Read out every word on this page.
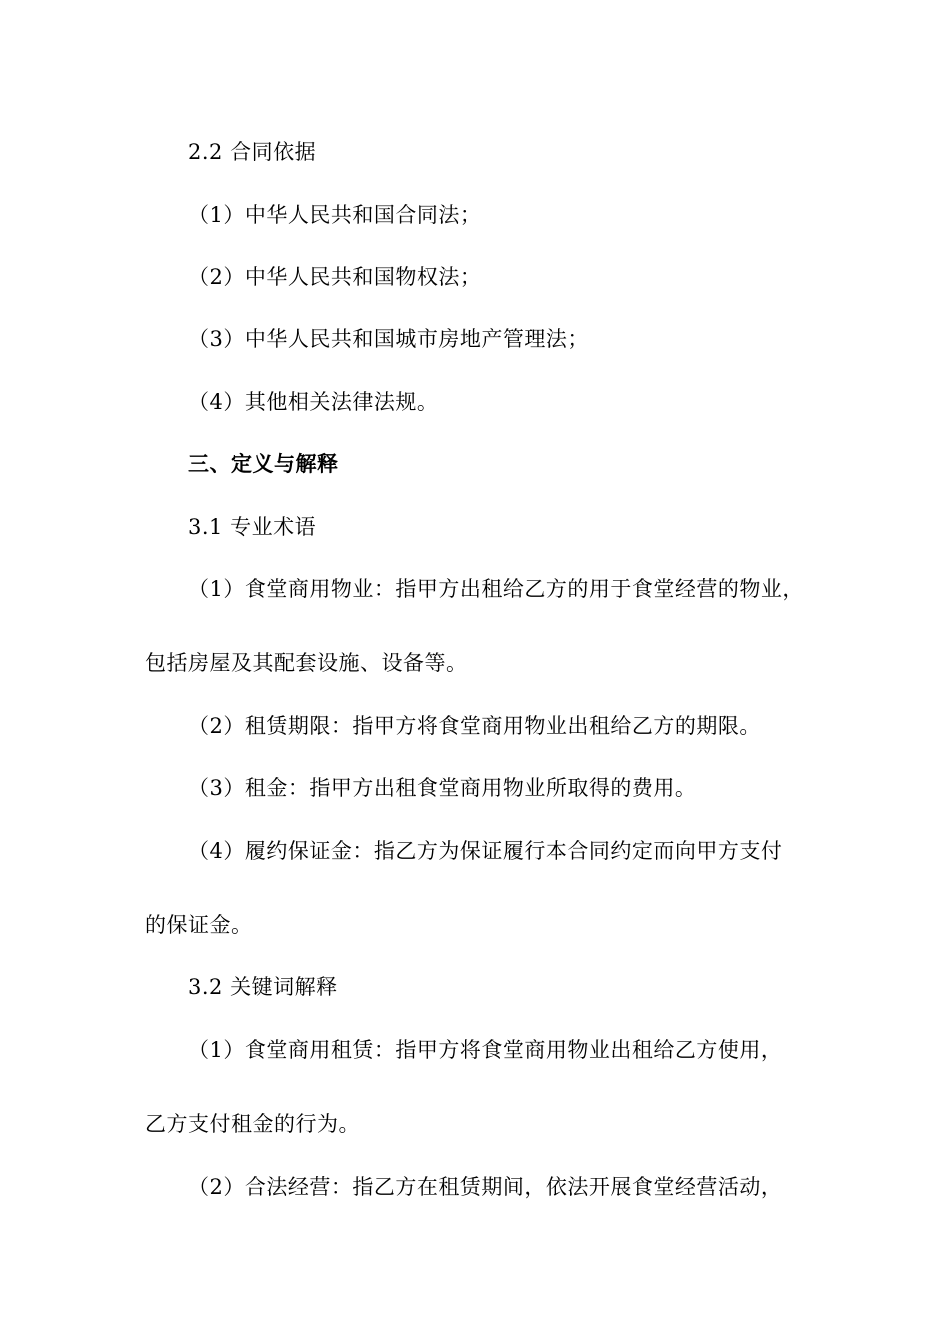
2.2 合同依据
（1）中华人民共和国合同法；
（2）中华人民共和国物权法；
（3）中华人民共和国城市房地产管理法；
（4）其他相关法律法规。
三、定义与解释
3.1 专业术语
（1）食堂商用物业：指甲方出租给乙方的用于食堂经营的物业，
包括房屋及其配套设施、设备等。
（2）租赁期限：指甲方将食堂商用物业出租给乙方的期限。
（3）租金：指甲方出租食堂商用物业所取得的费用。
（4）履约保证金：指乙方为保证履行本合同约定而向甲方支付
的保证金。
3.2 关键词解释
（1）食堂商用租赁：指甲方将食堂商用物业出租给乙方使用，
乙方支付租金的行为。
（2）合法经营：指乙方在租赁期间，依法开展食堂经营活动，
